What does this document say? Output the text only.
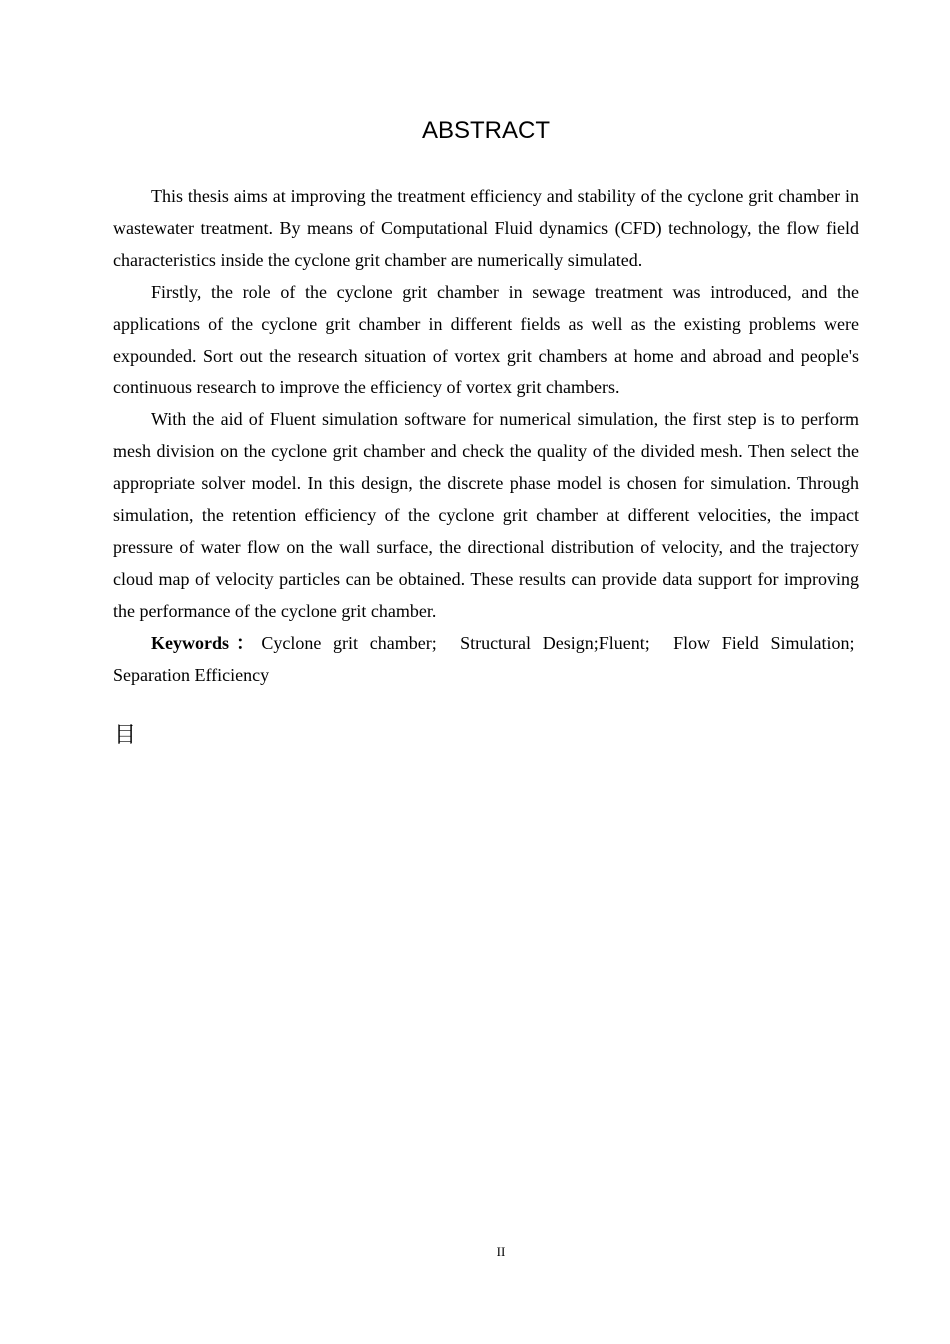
ABSTRACT

This thesis aims at improving the treatment efficiency and stability of the cyclone grit chamber in wastewater treatment. By means of Computational Fluid dynamics (CFD) technology, the flow field characteristics inside the cyclone grit chamber are numerically simulated.

Firstly, the role of the cyclone grit chamber in sewage treatment was introduced, and the applications of the cyclone grit chamber in different fields as well as the existing problems were expounded. Sort out the research situation of vortex grit chambers at home and abroad and people's continuous research to improve the efficiency of vortex grit chambers.

With the aid of Fluent simulation software for numerical simulation, the first step is to perform mesh division on the cyclone grit chamber and check the quality of the divided mesh. Then select the appropriate solver model. In this design, the discrete phase model is chosen for simulation. Through simulation, the retention efficiency of the cyclone grit chamber at different velocities, the impact pressure of water flow on the wall surface, the directional distribution of velocity, and the trajectory cloud map of velocity particles can be obtained. These results can provide data support for improving the performance of the cyclone grit chamber.

Keywords：Cyclone grit chamber;  Structural Design;Fluent;  Flow Field Simulation;  Separation Efficiency

目
II
